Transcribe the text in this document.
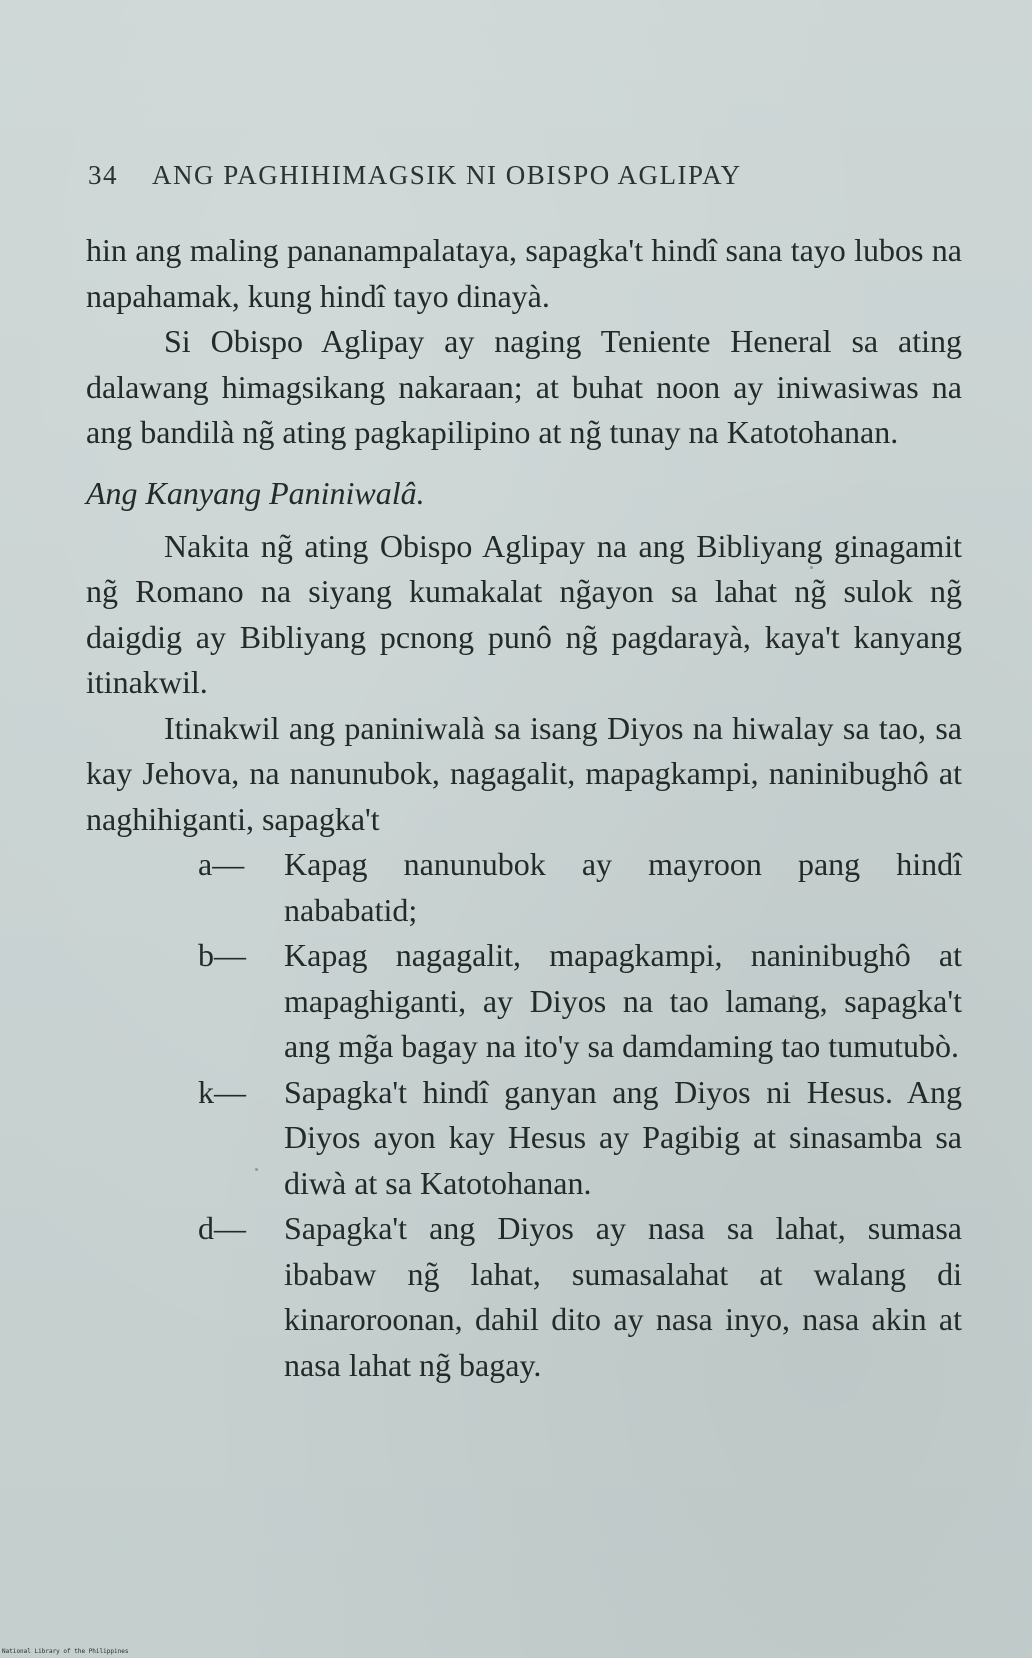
34 ANG PAGHIHIMAGSIK NI OBISPO AGLIPAY

hin ang maling pananampalataya, sapagka't hindî sana tayo lubos na napahamak, kung hindî tayo dinayà.

Si Obispo Aglipay ay naging Teniente Heneral sa ating dalawang himagsikang nakaraan; at buhat noon ay iniwasiwas na ang bandilà ng̃ ating pagkapilipino at ng̃ tunay na Katotohanan.

Ang Kanyang Paniniwalâ.

Nakita ng̃ ating Obispo Aglipay na ang Bibliyang ginagamit ng̃ Romano na siyang kumakalat ng̃ayon sa lahat ng̃ sulok ng̃ daigdig ay Bibliyang pcnong punô ng̃ pagdarayà, kaya't kanyang itinakwil.

Itinakwil ang paniniwalà sa isang Diyos na hiwalay sa tao, sa kay Jehova, na nanunubok, nagagalit, mapagkampi, naninibughô at naghihiganti, sapagka't

a— Kapag nanunubok ay mayroon pang hindî nababatid;
b— Kapag nagagalit, mapagkampi, naninibughô at mapaghiganti, ay Diyos na tao lamang, sapagka't ang mg̃a bagay na ito'y sa damdaming tao tumutubò.
k— Sapagka't hindî ganyan ang Diyos ni Hesus. Ang Diyos ayon kay Hesus ay Pagibig at sinasamba sa diwà at sa Katotohanan.
d— Sapagka't ang Diyos ay nasa sa lahat, sumasa ibabaw ng̃ lahat, sumasalahat at walang di kinaroroonan, dahil dito ay nasa inyo, nasa akin at nasa lahat ng̃ bagay.
National Library of the Philippines
